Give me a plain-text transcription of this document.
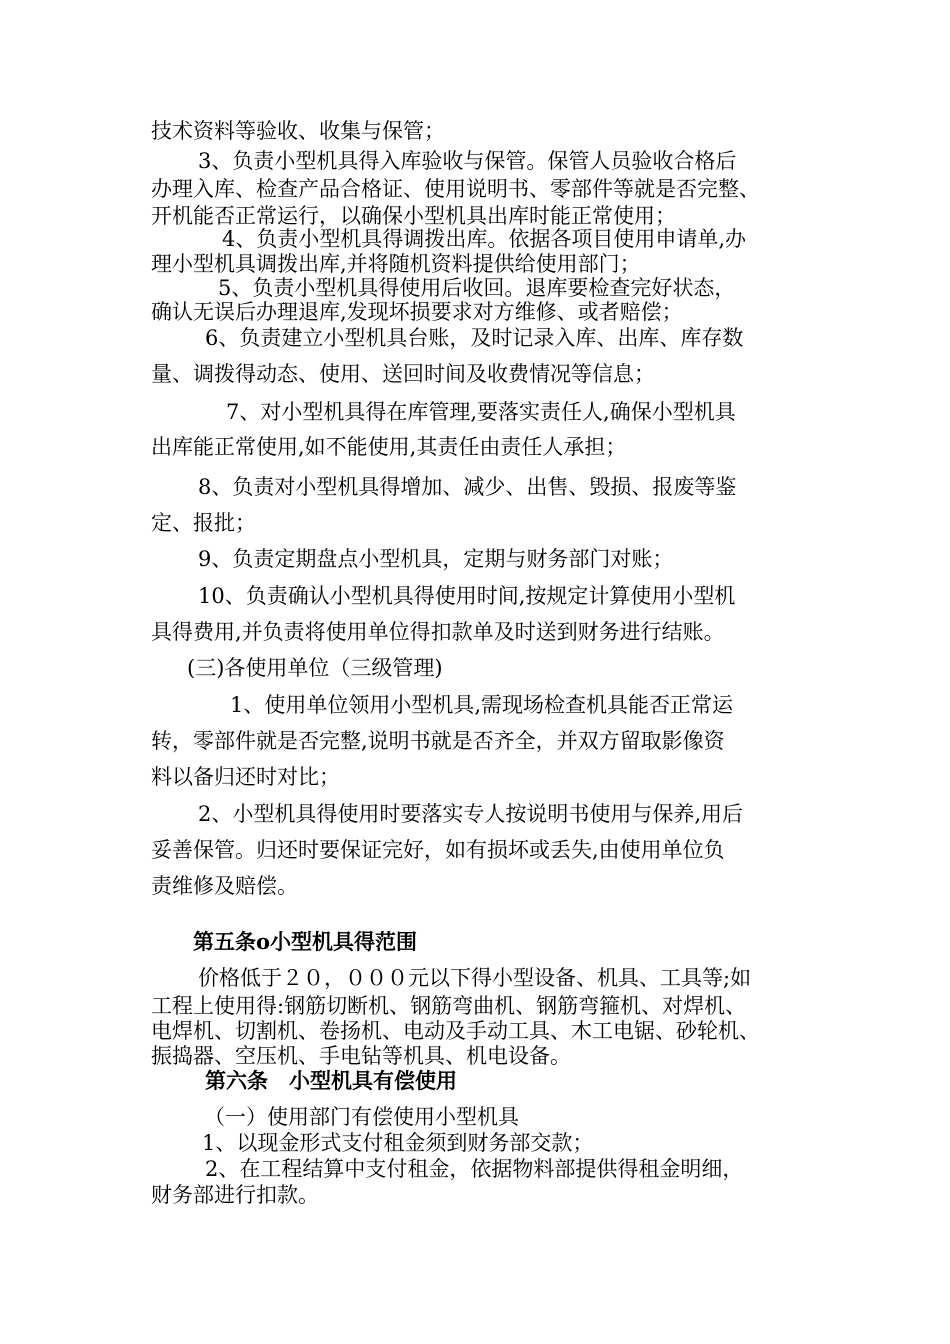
技术资料等验收、收集与保管；
3、负责小型机具得入库验收与保管。保管人员验收合格后
办理入库、检查产品合格证、使用说明书、零部件等就是否完整、
开机能否正常运行，以确保小型机具出库时能正常使用；
4、负责小型机具得调拨出库。依据各项目使用申请单,办
理小型机具调拨出库,并将随机资料提供给使用部门；
5、负责小型机具得使用后收回。退库要检查完好状态，
确认无误后办理退库,发现坏损要求对方维修、或者赔偿；
6、负责建立小型机具台账，及时记录入库、出库、库存数
量、调拨得动态、使用、送回时间及收费情况等信息；
7、对小型机具得在库管理,要落实责任人,确保小型机具
出库能正常使用,如不能使用,其责任由责任人承担；
8、负责对小型机具得增加、减少、出售、毁损、报废等鉴
定、报批；
9、负责定期盘点小型机具，定期与财务部门对账；
10、负责确认小型机具得使用时间,按规定计算使用小型机
具得费用,并负责将使用单位得扣款单及时送到财务进行结账。
(三)各使用单位（三级管理)
1、使用单位领用小型机具,需现场检查机具能否正常运
转，零部件就是否完整,说明书就是否齐全，并双方留取影像资
料以备归还时对比；
2、小型机具得使用时要落实专人按说明书使用与保养,用后
妥善保管。归还时要保证完好，如有损坏或丢失,由使用单位负
责维修及赔偿。
第五条o小型机具得范围
价格低于２０，０００元以下得小型设备、机具、工具等;如
工程上使用得:钢筋切断机、钢筋弯曲机、钢筋弯箍机、对焊机、
电焊机、切割机、卷扬机、电动及手动工具、木工电锯、砂轮机、
振捣器、空压机、手电钻等机具、机电设备。
第六条　小型机具有偿使用
（一）使用部门有偿使用小型机具
1、以现金形式支付租金须到财务部交款；
2、在工程结算中支付租金，依据物料部提供得租金明细，
财务部进行扣款。
